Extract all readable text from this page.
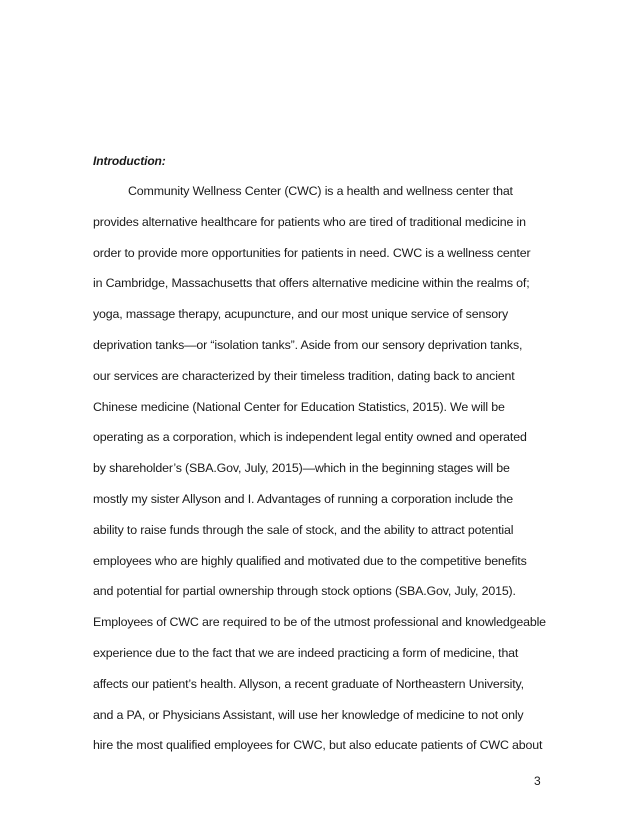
Introduction:
Community Wellness Center (CWC) is a health and wellness center that
provides alternative healthcare for patients who are tired of traditional medicine in
order to provide more opportunities for patients in need. CWC is a wellness center
in Cambridge, Massachusetts that offers alternative medicine within the realms of;
yoga, massage therapy, acupuncture, and our most unique service of sensory
deprivation tanks—or “isolation tanks”. Aside from our sensory deprivation tanks,
our services are characterized by their timeless tradition, dating back to ancient
Chinese medicine (National Center for Education Statistics, 2015). We will be
operating as a corporation, which is independent legal entity owned and operated
by shareholder’s (SBA.Gov, July, 2015)—which in the beginning stages will be
mostly my sister Allyson and I. Advantages of running a corporation include the
ability to raise funds through the sale of stock, and the ability to attract potential
employees who are highly qualified and motivated due to the competitive benefits
and potential for partial ownership through stock options (SBA.Gov, July, 2015).
Employees of CWC are required to be of the utmost professional and knowledgeable
experience due to the fact that we are indeed practicing a form of medicine, that
affects our patient’s health. Allyson, a recent graduate of Northeastern University,
and a PA, or Physicians Assistant, will use her knowledge of medicine to not only
hire the most qualified employees for CWC, but also educate patients of CWC about
3
